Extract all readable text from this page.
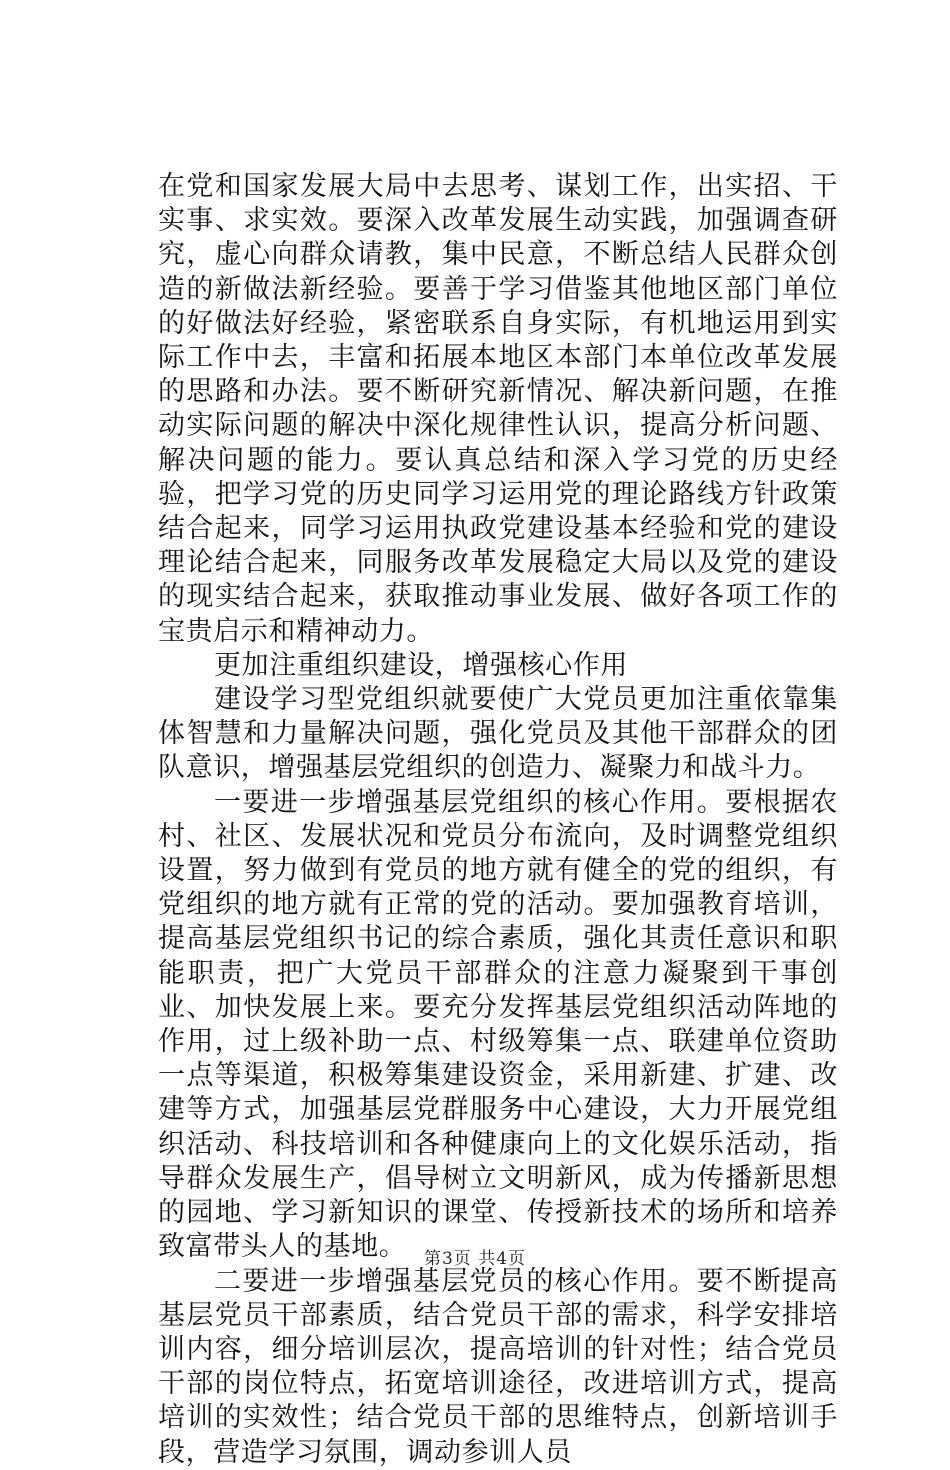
在党和国家发展大局中去思考、谋划工作，出实招、干实事、求实效。要深入改革发展生动实践，加强调查研究，虚心向群众请教，集中民意，不断总结人民群众创造的新做法新经验。要善于学习借鉴其他地区部门单位的好做法好经验，紧密联系自身实际，有机地运用到实际工作中去，丰富和拓展本地区本部门本单位改革发展的思路和办法。要不断研究新情况、解决新问题，在推动实际问题的解决中深化规律性认识，提高分析问题、解决问题的能力。要认真总结和深入学习党的历史经验，把学习党的历史同学习运用党的理论路线方针政策结合起来，同学习运用执政党建设基本经验和党的建设理论结合起来，同服务改革发展稳定大局以及党的建设的现实结合起来，获取推动事业发展、做好各项工作的宝贵启示和精神动力。

更加注重组织建设，增强核心作用

建设学习型党组织就要使广大党员更加注重依靠集体智慧和力量解决问题，强化党员及其他干部群众的团队意识，增强基层党组织的创造力、凝聚力和战斗力。

一要进一步增强基层党组织的核心作用。要根据农村、社区、发展状况和党员分布流向，及时调整党组织设置，努力做到有党员的地方就有健全的党的组织，有党组织的地方就有正常的党的活动。要加强教育培训，提高基层党组织书记的综合素质，强化其责任意识和职能职责，把广大党员干部群众的注意力凝聚到干事创业、加快发展上来。要充分发挥基层党组织活动阵地的作用，过上级补助一点、村级筹集一点、联建单位资助一点等渠道，积极筹集建设资金，采用新建、扩建、改建等方式，加强基层党群服务中心建设，大力开展党组织活动、科技培训和各种健康向上的文化娱乐活动，指导群众发展生产，倡导树立文明新风，成为传播新思想的园地、学习新知识的课堂、传授新技术的场所和培养致富带头人的基地。

二要进一步增强基层党员的核心作用。要不断提高基层党员干部素质，结合党员干部的需求，科学安排培训内容，细分培训层次，提高培训的针对性；结合党员干部的岗位特点，拓宽培训途径，改进培训方式，提高培训的实效性；结合党员干部的思维特点，创新培训手段，营造学习氛围，调动参训人员

第3页 共4页
